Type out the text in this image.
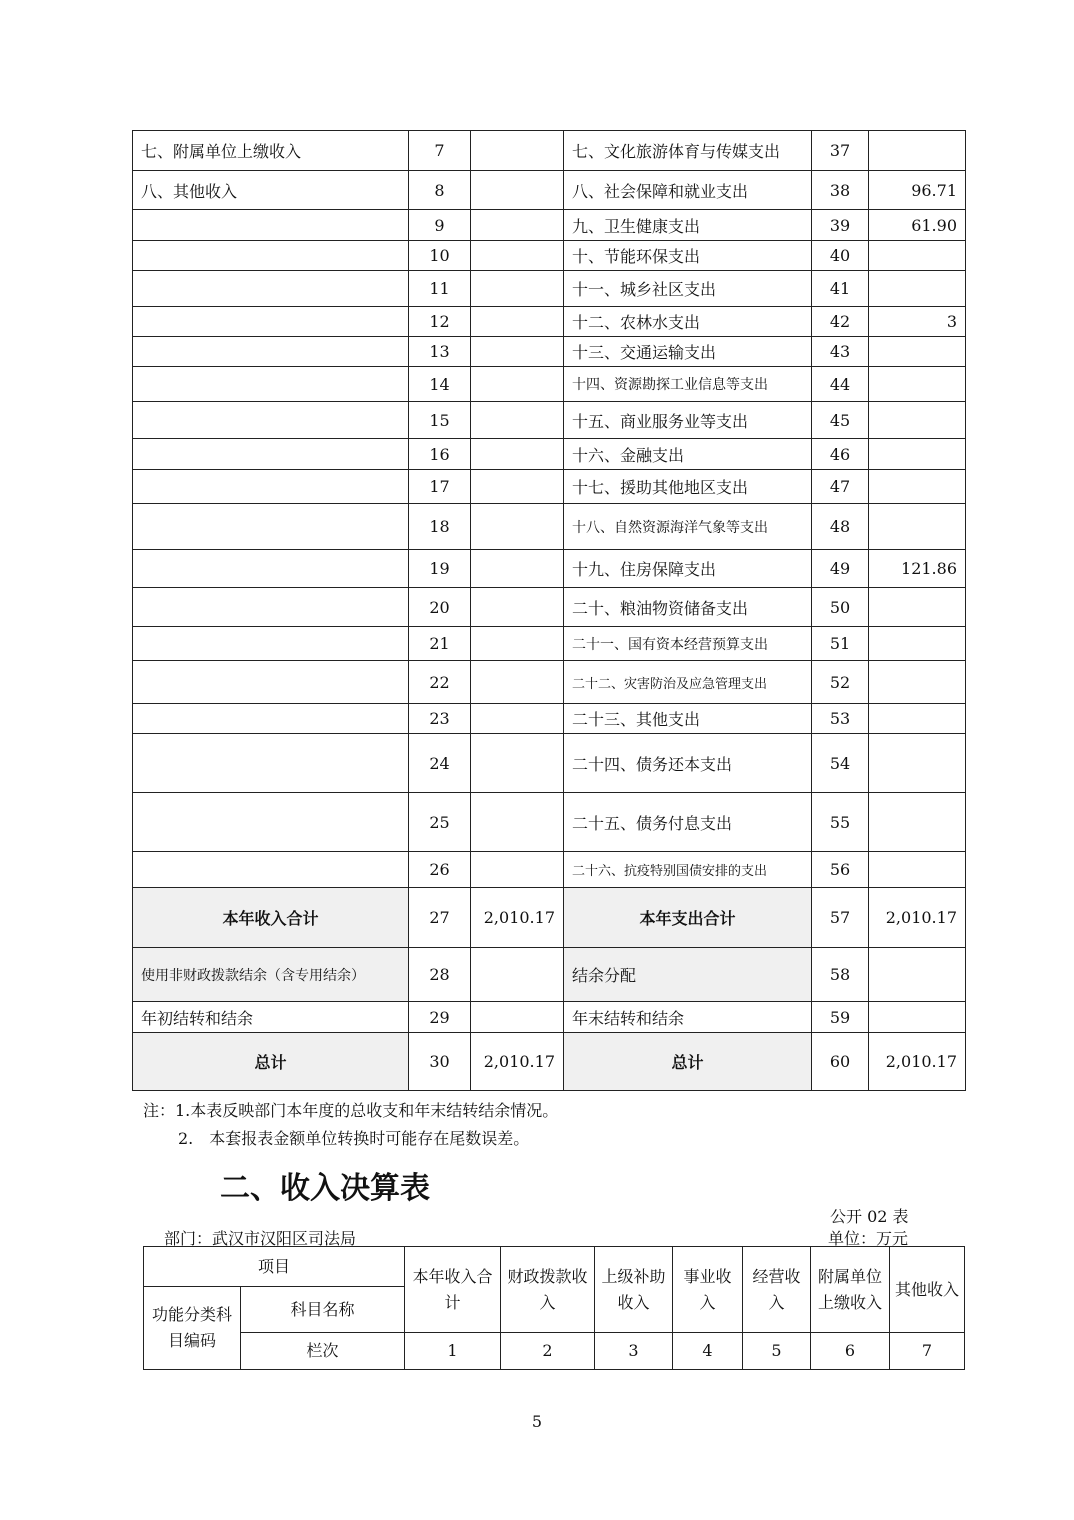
七、附属单位上缴收入	7		七、文化旅游体育与传媒支出	37	
八、其他收入	8		八、社会保障和就业支出	38	96.71
	9		九、卫生健康支出	39	61.90
	10		十、节能环保支出	40	
	11		十一、城乡社区支出	41	
	12		十二、农林水支出	42	3
	13		十三、交通运输支出	43	
	14		十四、资源勘探工业信息等支出	44	
	15		十五、商业服务业等支出	45	
	16		十六、金融支出	46	
	17		十七、援助其他地区支出	47	
	18		十八、自然资源海洋气象等支出	48	
	19		十九、住房保障支出	49	121.86
	20		二十、粮油物资储备支出	50	
	21		二十一、国有资本经营预算支出	51	
	22		二十二、灾害防治及应急管理支出	52	
	23		二十三、其他支出	53	
	24		二十四、债务还本支出	54	
	25		二十五、债务付息支出	55	
	26		二十六、抗疫特别国债安排的支出	56	
本年收入合计	27	2,010.17	本年支出合计	57	2,010.17
使用非财政拨款结余（含专用结余）	28		结余分配	58	
年初结转和结余	29		年末结转和结余	59	
总计	30	2,010.17	总计	60	2,010.17
注：1.本表反映部门本年度的总收支和年末结转结余情况。
2.　本套报表金额单位转换时可能存在尾数误差。
二、收入决算表
公开 02 表
部门：武汉市汉阳区司法局	单位：万元
项目		本年收入合计	财政拨款收入	上级补助收入	事业收入	经营收入	附属单位上缴收入	其他收入
功能分类科目编码	科目名称							
	栏次	1	2	3	4	5	6	7
5
